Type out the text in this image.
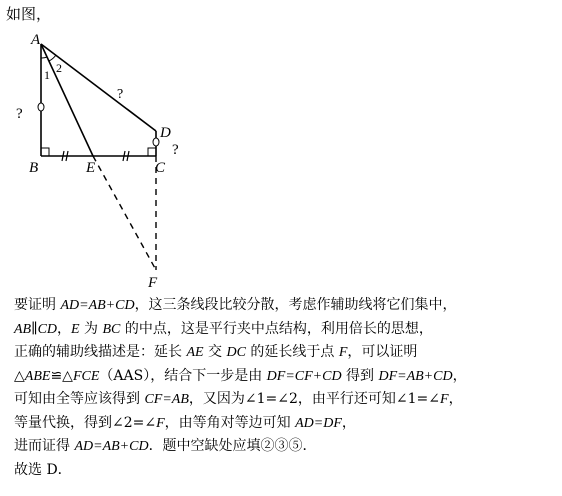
如图，
A
B	E	C
D
F
1 2
?
?
?
要证明 AD=AB+CD，这三条线段比较分散，考虑作辅助线将它们集中，
AB∥CD，E 为 BC 的中点，这是平行夹中点结构，利用倍长的思想，
正确的辅助线描述是：延长 AE 交 DC 的延长线于点 F，可以证明
△ABE≌△FCE（AAS），结合下一步是由 DF=CF+CD 得到 DF=AB+CD，
可知由全等应该得到 CF=AB，又因为∠1=∠2，由平行还可知∠1=∠F，
等量代换，得到∠2=∠F，由等角对等边可知 AD=DF，
进而证得 AD=AB+CD．题中空缺处应填②③⑤．
故选 D．
